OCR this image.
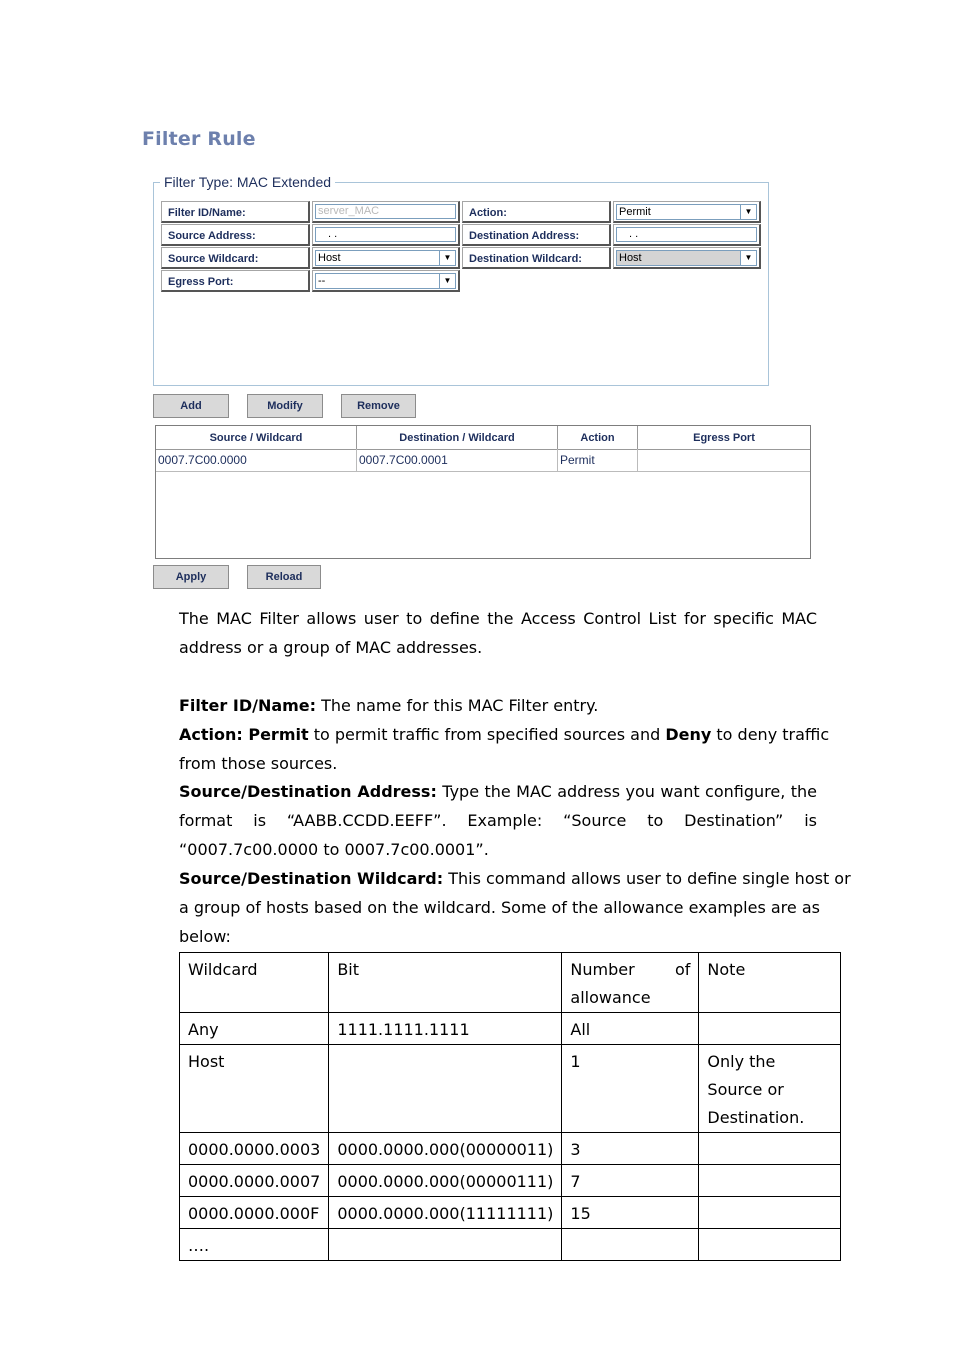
Filter Rule
Filter Type: MAC Extended
Filter ID/Name:	server_MAC	Action:	Permit	▼
Source Address:	. .	Destination Address:	. .
Source Wildcard:	Host	▼	Destination Wildcard:	Host	▼
Egress Port:	--	▼
Add	Modify	Remove
Source / Wildcard	Destination / Wildcard	Action	Egress Port
0007.7C00.0000	0007.7C00.0001	Permit
Apply	Reload
The MAC Filter allows user to define the Access Control List for specific MAC
address or a group of MAC addresses.
Filter ID/Name: The name for this MAC Filter entry.
Action: Permit to permit traffic from specified sources and Deny to deny traffic
from those sources.
Source/Destination Address: Type the MAC address you want configure, the
format is “AABB.CCDD.EEFF”. Example: “Source to Destination” is
“0007.7c00.0000 to 0007.7c00.0001”.
Source/Destination Wildcard: This command allows user to define single host or
a group of hosts based on the wildcard. Some of the allowance examples are as
below:
Wildcard	Bit	Number of allowance	Note
Any	1111.1111.1111	All	
Host		1	Only the Source or Destination.
0000.0000.0003	0000.0000.000(00000011)	3	
0000.0000.0007	0000.0000.000(00000111)	7	
0000.0000.000F	0000.0000.000(11111111)	15	
….			
